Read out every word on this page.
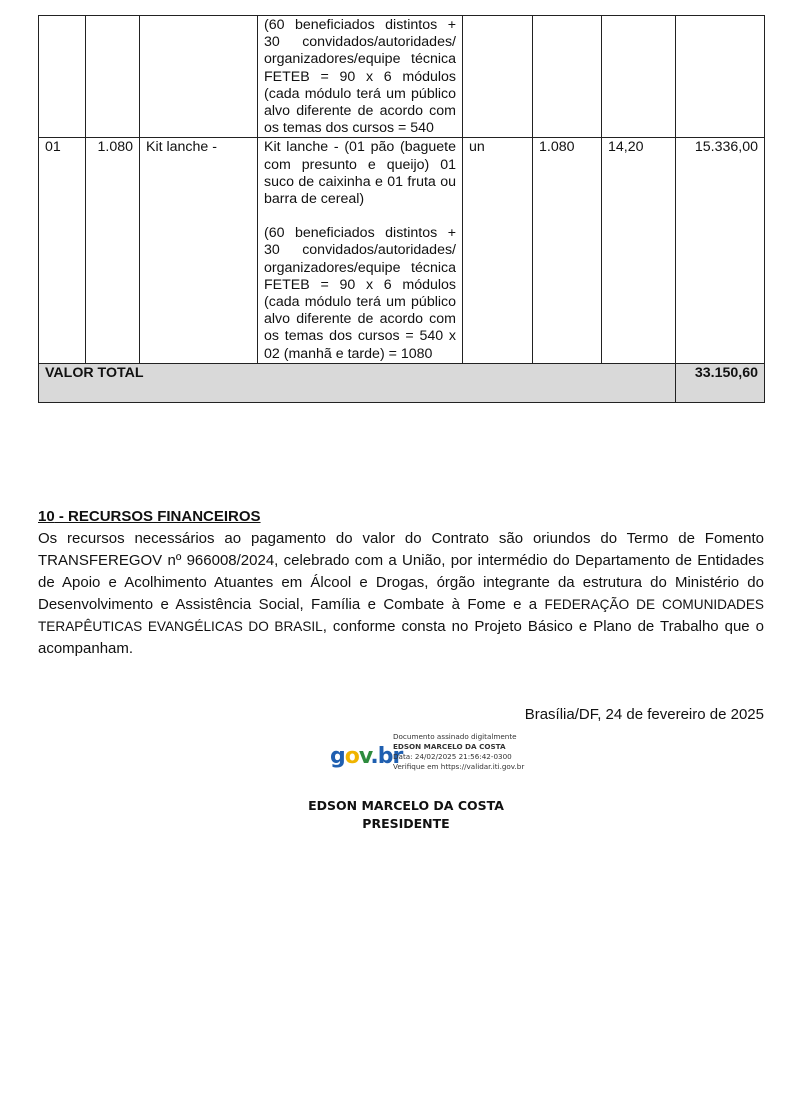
			(60 beneficiados distintos + 30 convidados/autoridades/ organizadores/equipe técnica FETEB = 90 x 6 módulos (cada módulo terá um público alvo diferente de acordo com os temas dos cursos = 540				
01	1.080	Kit lanche -	Kit lanche - (01 pão (baguete com presunto e queijo) 01 suco de caixinha e 01 fruta ou barra de cereal)
(60 beneficiados distintos + 30 convidados/autoridades/ organizadores/equipe técnica FETEB = 90 x 6 módulos (cada módulo terá um público alvo diferente de acordo com os temas dos cursos = 540 x 02 (manhã e tarde) = 1080	un	1.080	14,20	15.336,00
VALOR TOTAL							33.150,60
10 - RECURSOS FINANCEIROS
Os recursos necessários ao pagamento do valor do Contrato são oriundos do Termo de Fomento TRANSFEREGOV nº 966008/2024, celebrado com a União, por intermédio do Departamento de Entidades de Apoio e Acolhimento Atuantes em Álcool e Drogas, órgão integrante da estrutura do Ministério do Desenvolvimento e Assistência Social, Família e Combate à Fome e a FEDERAÇÃO DE COMUNIDADES TERAPÊUTICAS EVANGÉLICAS DO BRASIL, conforme consta no Projeto Básico e Plano de Trabalho que o acompanham.
Brasília/DF, 24 de fevereiro de 2025
gov.br
Documento assinado digitalmente
EDSON MARCELO DA COSTA
Data: 24/02/2025 21:56:42-0300
Verifique em https://validar.iti.gov.br
EDSON MARCELO DA COSTA
PRESIDENTE
